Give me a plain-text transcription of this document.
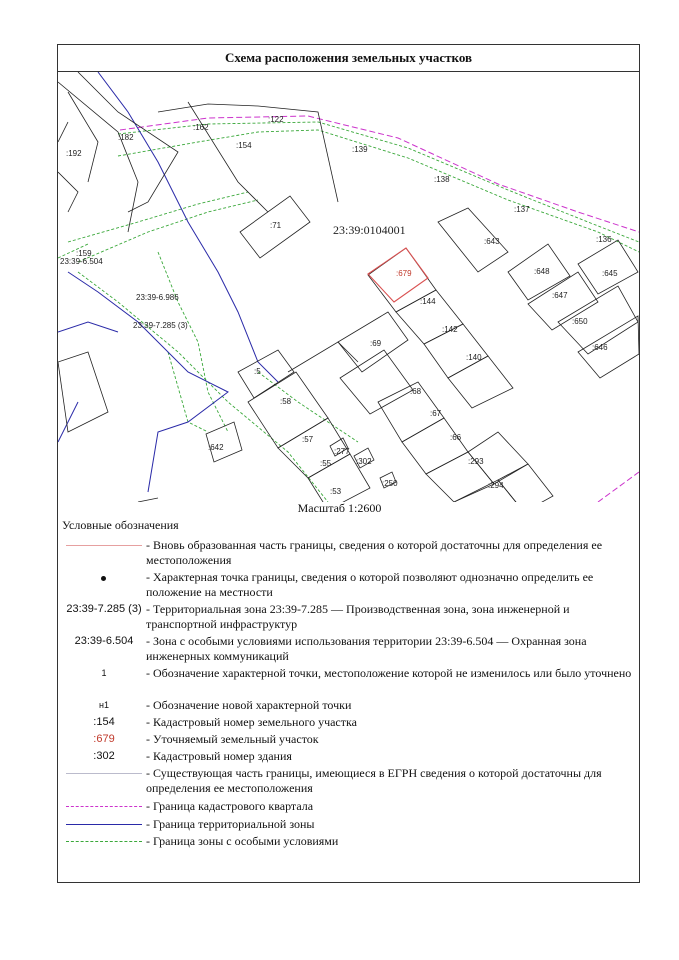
Схема расположения земельных участков
23:39:0104001
23:39-6.986
23:39-7.285 (3)
23:39-6.504
:162
:122
:182
:192
:154	:139
:138
:137
:136
:71
:643
:648	:645
:647
:650
:646
:679
:144
:142
:140
:69
:159
:5
:58
:68
:67
:66
:57
:55
:277
:302	:293
:53
:250	:294
:642
Масштаб 1:2600
Условные обозначения
- Вновь образованная часть границы, сведения о которой достаточны для определения ее местоположения
- Характерная точка границы, сведения о которой позволяют однозначно определить ее положение на местности
23:39-7.285 (3) - Территориальная зона 23:39-7.285 — Производственная зона, зона инженерной и транспортной инфраструктур
23:39-6.504	- Зона с особыми условиями использования территории 23:39-6.504 — Охранная зона инженерных коммуникаций
1	- Обозначение характерной точки, местоположение которой не изменилось или было уточнено
н1	- Обозначение новой характерной точки
:154	- Кадастровый номер земельного участка
:679	- Уточняемый земельный участок
:302	- Кадастровый номер здания
- Существующая часть границы, имеющиеся в ЕГРН сведения о которой достаточны для определения ее местоположения
- Граница кадастрового квартала
- Граница территориальной зоны
- Граница зоны с особыми условиями
